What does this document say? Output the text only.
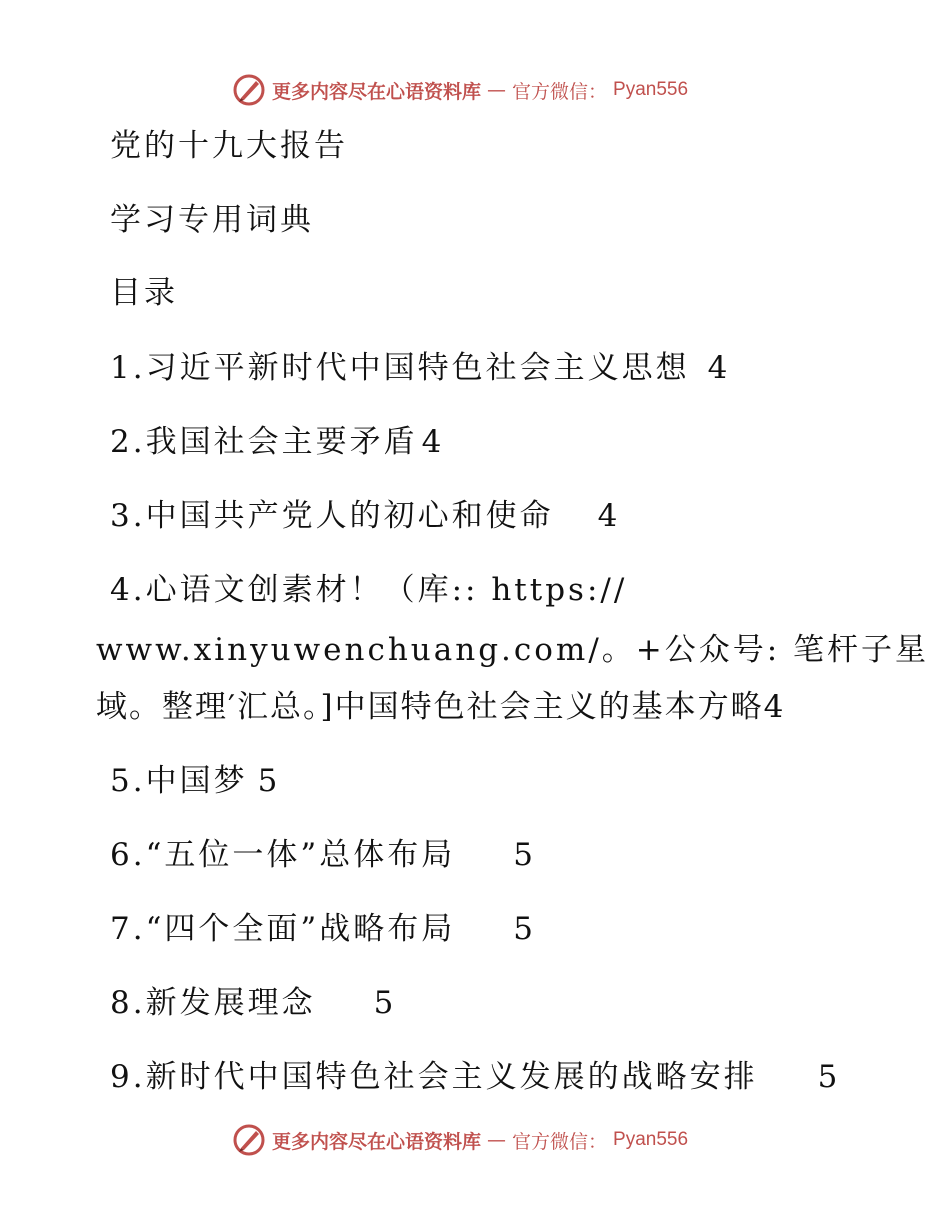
更多内容尽在心语资料库 — 官方微信： Pyan556
党的十九大报告
学习专用词典
目录
1. 习近平新时代中国特色社会主义思想 4
2. 我国社会主要矛盾 4
3. 中国共产党人的初心和使命 4
4. 心语文创素材！（库:: https://
www.xinyuwenchuang.com/。+公众号: 笔杆子星
域。整理′汇总。]中国特色社会主义的基本方略 4
5. 中国梦 5
6. “五位一体”总体布局 5
7. “四个全面”战略布局 5
8. 新发展理念 5
9. 新时代中国特色社会主义发展的战略安排 5
更多内容尽在心语资料库 — 官方微信： Pyan556
